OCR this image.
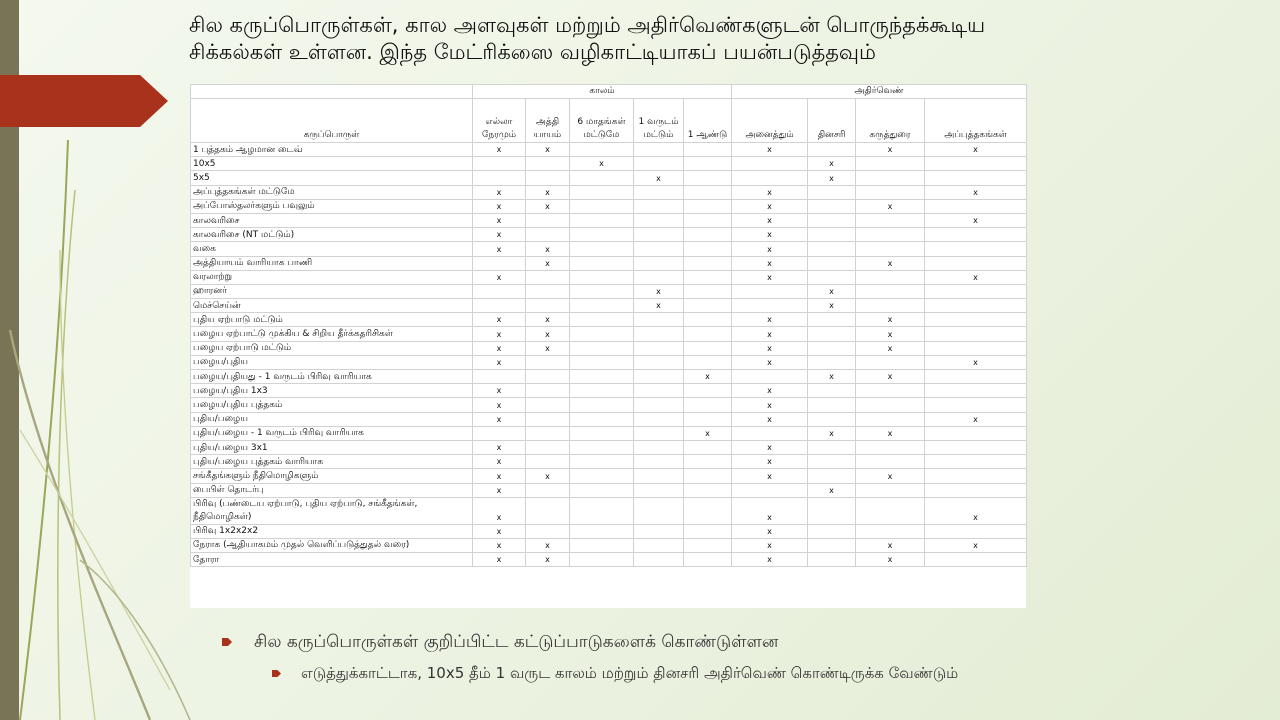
சில கருப்பொருள்கள், கால அளவுகள் மற்றும் அதிர்வெண்களுடன் பொருந்தக்கூடிய
சிக்கல்கள் உள்ளன. இந்த மேட்ரிக்ஸை வழிகாட்டியாகப் பயன்படுத்தவும்
	காலம்					அதிர்வெண்			
கருப்பொருள்	எல்லா நேரமும்	அத்தி யாயம்	6 மாதங்கள் மட்டுமே	1 வருடம் மட்டும்	1 ஆண்டு	அனைத்தும்	தினசரி	கருத்துரை	அப்புத்தகங்கள்
1 புத்தகம் ஆழமான டைவ்	x	x				x		x	x
10x5			x				x		
5x5				x			x		
அப்புத்தகங்கள் மட்டுமே	x	x				x			x
அப்போஸ்தலர்களும் பவுலும்	x	x				x		x	
காலவரிசை	x					x			x
காலவரிசை (NT மட்டும்)	x					x			
வகை	x	x				x			
அத்தியாயம் வாரியாக பாணி		x				x		x	
வரலாற்று	x					x			x
ஹாரனர்				x			x		
மெச்செய்ன்				x			x		
புதிய ஏற்பாடு மட்டும்	x	x				x		x	
பழைய ஏற்பாட்டு முக்கிய & சிறிய தீர்க்கதரிசிகள்	x	x				x		x	
பழைய ஏற்பாடு மட்டும்	x	x				x		x	
பழைய/புதிய	x					x			x
பழைய/புதியது - 1 வருடம் பிரிவு வாரியாக					x		x	x	
பழைய/புதிய 1x3	x					x			
பழைய/புதிய புத்தகம்	x					x			
புதிய/பழைய	x					x			x
புதிய/பழைய - 1 வருடம் பிரிவு வாரியாக					x		x	x	
புதிய/பழைய 3x1	x					x			
புதிய/பழைய புத்தகம் வாரியாக	x					x			
சங்கீதங்களும் நீதிமொழிகளும்	x	x				x		x	
பைபிள் தொடர்பு	x						x		
பிரிவு (பண்டைய ஏற்பாடு, புதிய ஏற்பாடு, சங்கீதங்கள், நீதிமொழிகள்)	x					x			x
பிரிவு 1x2x2x2	x					x			
நேராக (ஆதியாகமம் முதல் வெளிப்படுத்துதல் வரை)	x	x				x		x	x
தோரா	x	x				x		x	
சில கருப்பொருள்கள் குறிப்பிட்ட கட்டுப்பாடுகளைக் கொண்டுள்ளன
எடுத்துக்காட்டாக, 10x5 தீம் 1 வருட காலம் மற்றும் தினசரி அதிர்வெண் கொண்டிருக்க வேண்டும்
